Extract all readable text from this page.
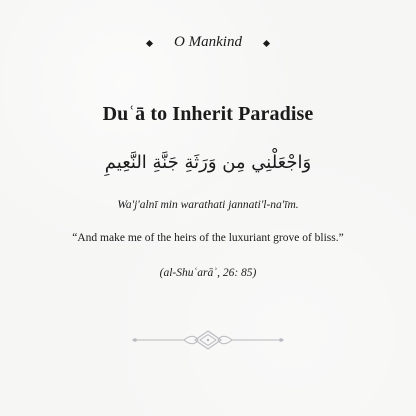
O Mankind
Duʿā to Inherit Paradise
وَاجْعَلْنِي مِن وَرَثَةِ جَنَّةِ النَّعِيمِ
Wa'j'alnī min warathati jannati'l-na'īm.
“And make me of the heirs of the luxuriant grove of bliss.”
(al-Shuʿarāʾ, 26: 85)
